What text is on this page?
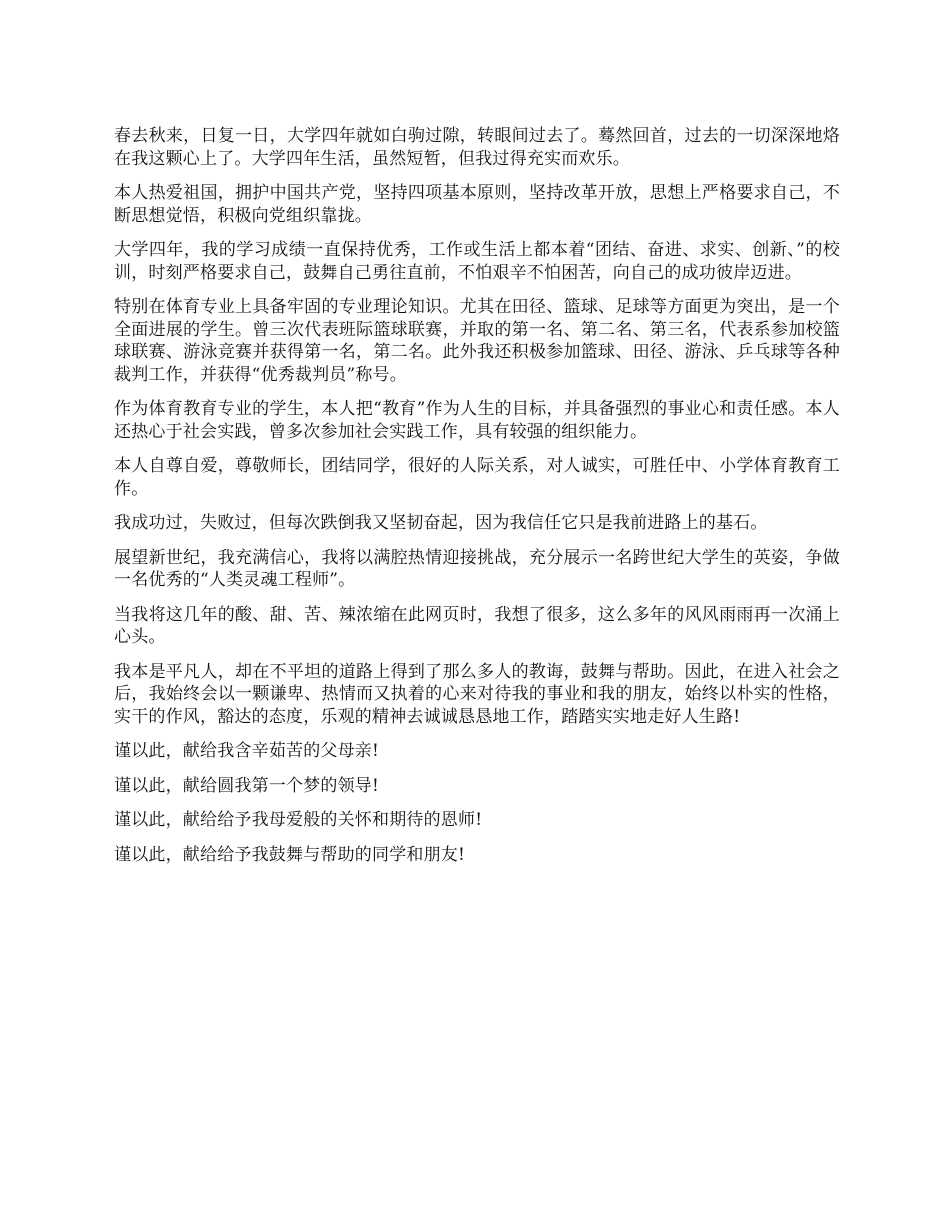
春去秋来，日复一日，大学四年就如白驹过隙，转眼间过去了。蓦然回首，过去的一切深深地烙在我这颗心上了。大学四年生活，虽然短暂，但我过得充实而欢乐。

本人热爱祖国，拥护中国共产党，坚持四项基本原则，坚持改革开放，思想上严格要求自己，不断思想觉悟，积极向党组织靠拢。

大学四年，我的学习成绩一直保持优秀，工作或生活上都本着“团结、奋进、求实、创新、”的校训，时刻严格要求自己，鼓舞自己勇往直前，不怕艰辛不怕困苦，向自己的成功彼岸迈进。

特别在体育专业上具备牢固的专业理论知识。尤其在田径、篮球、足球等方面更为突出，是一个全面进展的学生。曾三次代表班际篮球联赛，并取的第一名、第二名、第三名，代表系参加校篮球联赛、游泳竞赛并获得第一名，第二名。此外我还积极参加篮球、田径、游泳、乒乓球等各种裁判工作，并获得“优秀裁判员”称号。

作为体育教育专业的学生，本人把“教育”作为人生的目标，并具备强烈的事业心和责任感。本人还热心于社会实践，曾多次参加社会实践工作，具有较强的组织能力。

本人自尊自爱，尊敬师长，团结同学，很好的人际关系，对人诚实，可胜任中、小学体育教育工作。

我成功过，失败过，但每次跌倒我又坚韧奋起，因为我信任它只是我前进路上的基石。

展望新世纪，我充满信心，我将以满腔热情迎接挑战，充分展示一名跨世纪大学生的英姿，争做一名优秀的“人类灵魂工程师”。

当我将这几年的酸、甜、苦、辣浓缩在此网页时，我想了很多，这么多年的风风雨雨再一次涌上心头。

我本是平凡人，却在不平坦的道路上得到了那么多人的教诲，鼓舞与帮助。因此，在进入社会之后，我始终会以一颗谦卑、热情而又执着的心来对待我的事业和我的朋友，始终以朴实的性格，实干的作风，豁达的态度，乐观的精神去诚诚恳恳地工作，踏踏实实地走好人生路!

谨以此，献给我含辛茹苦的父母亲!

谨以此，献给圆我第一个梦的领导!

谨以此，献给给予我母爱般的关怀和期待的恩师!

谨以此，献给给予我鼓舞与帮助的同学和朋友!
